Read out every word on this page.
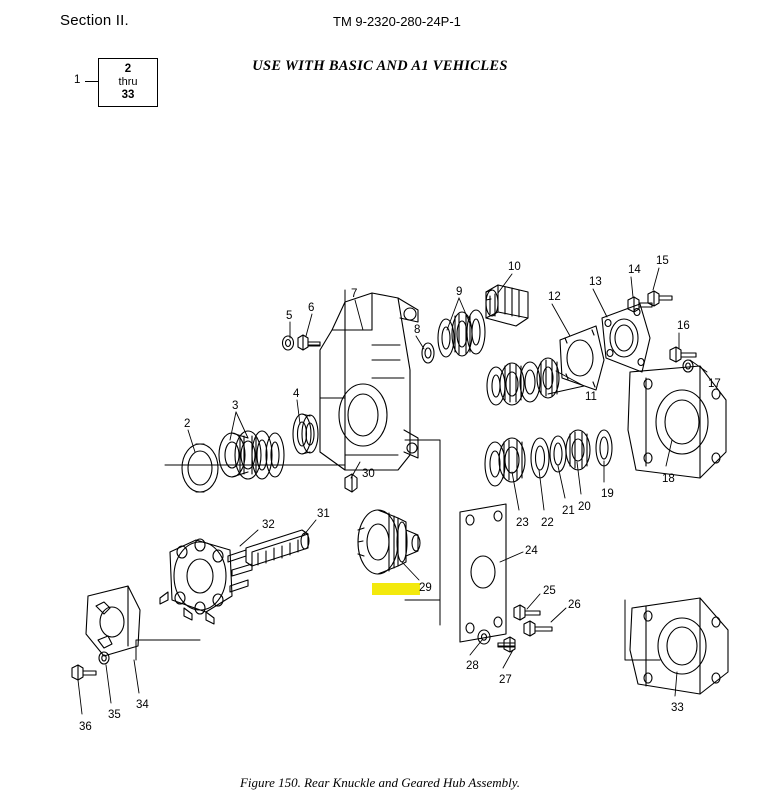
Section II.	TM 9-2320-280-24P-1
USE WITH BASIC AND A1 VEHICLES
1
2
thru
33
2
3
4
5
6
7
8
9
10
11
12
13
14
15
16
17
18
19
20
21
22
23
24
25
26
27
28
29
30
31
32
33
34
35
36
Figure 150. Rear Knuckle and Geared Hub Assembly.
